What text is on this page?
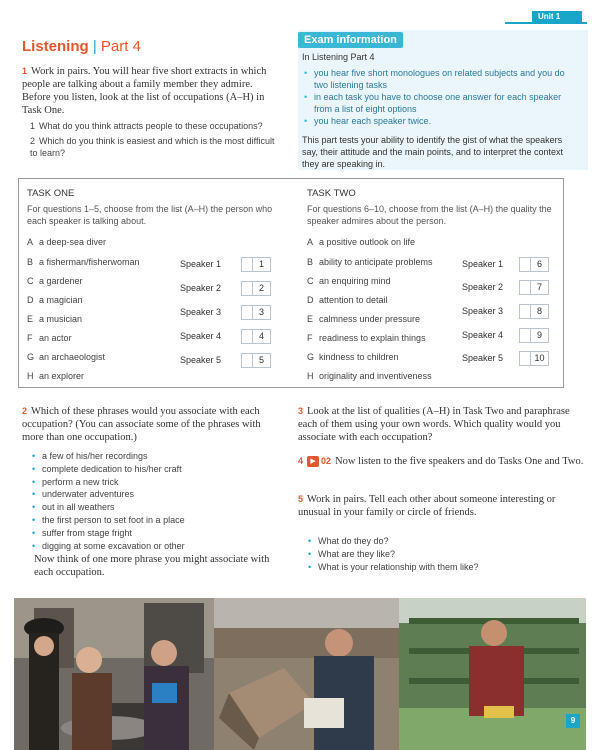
Unit 1
Listening | Part 4
1 Work in pairs. You will hear five short extracts in which people are talking about a family member they admire. Before you listen, look at the list of occupations (A–H) in Task One.
1 What do you think attracts people to these occupations?
2 Which do you think is easiest and which is the most difficult to learn?
Exam information
In Listening Part 4
• you hear five short monologues on related subjects and you do two listening tasks
• in each task you have to choose one answer for each speaker from a list of eight options
• you hear each speaker twice.
This part tests your ability to identify the gist of what the speakers say, their attitude and the main points, and to interpret the context they are speaking in.
TASK ONE
For questions 1–5, choose from the list (A–H) the person who each speaker is talking about.
A a deep-sea diver
B a fisherman/fisherwoman
C a gardener
D a magician
E a musician
F an actor
G an archaeologist
H an explorer
Speaker 1	1
Speaker 2	2
Speaker 3	3
Speaker 4	4
Speaker 5	5
TASK TWO
For questions 6–10, choose from the list (A–H) the quality the speaker admires about the person.
A a positive outlook on life
B ability to anticipate problems
C an enquiring mind
D attention to detail
E calmness under pressure
F readiness to explain things
G kindness to children
H originality and inventiveness
Speaker 1	6
Speaker 2	7
Speaker 3	8
Speaker 4	9
Speaker 5	10
2 Which of these phrases would you associate with each occupation? (You can associate some of the phrases with more than one occupation.)
• a few of his/her recordings
• complete dedication to his/her craft
• perform a new trick
• underwater adventures
• out in all weathers
• the first person to set foot in a place
• suffer from stage fright
• digging at some excavation or other
Now think of one more phrase you might associate with each occupation.
3 Look at the list of qualities (A–H) in Task Two and paraphrase each of them using your own words. Which quality would you associate with each occupation?
4 ▶ 02 Now listen to the five speakers and do Tasks One and Two.
5 Work in pairs. Tell each other about someone interesting or unusual in your family or circle of friends.
• What do they do?
• What are they like?
• What is your relationship with them like?
9
